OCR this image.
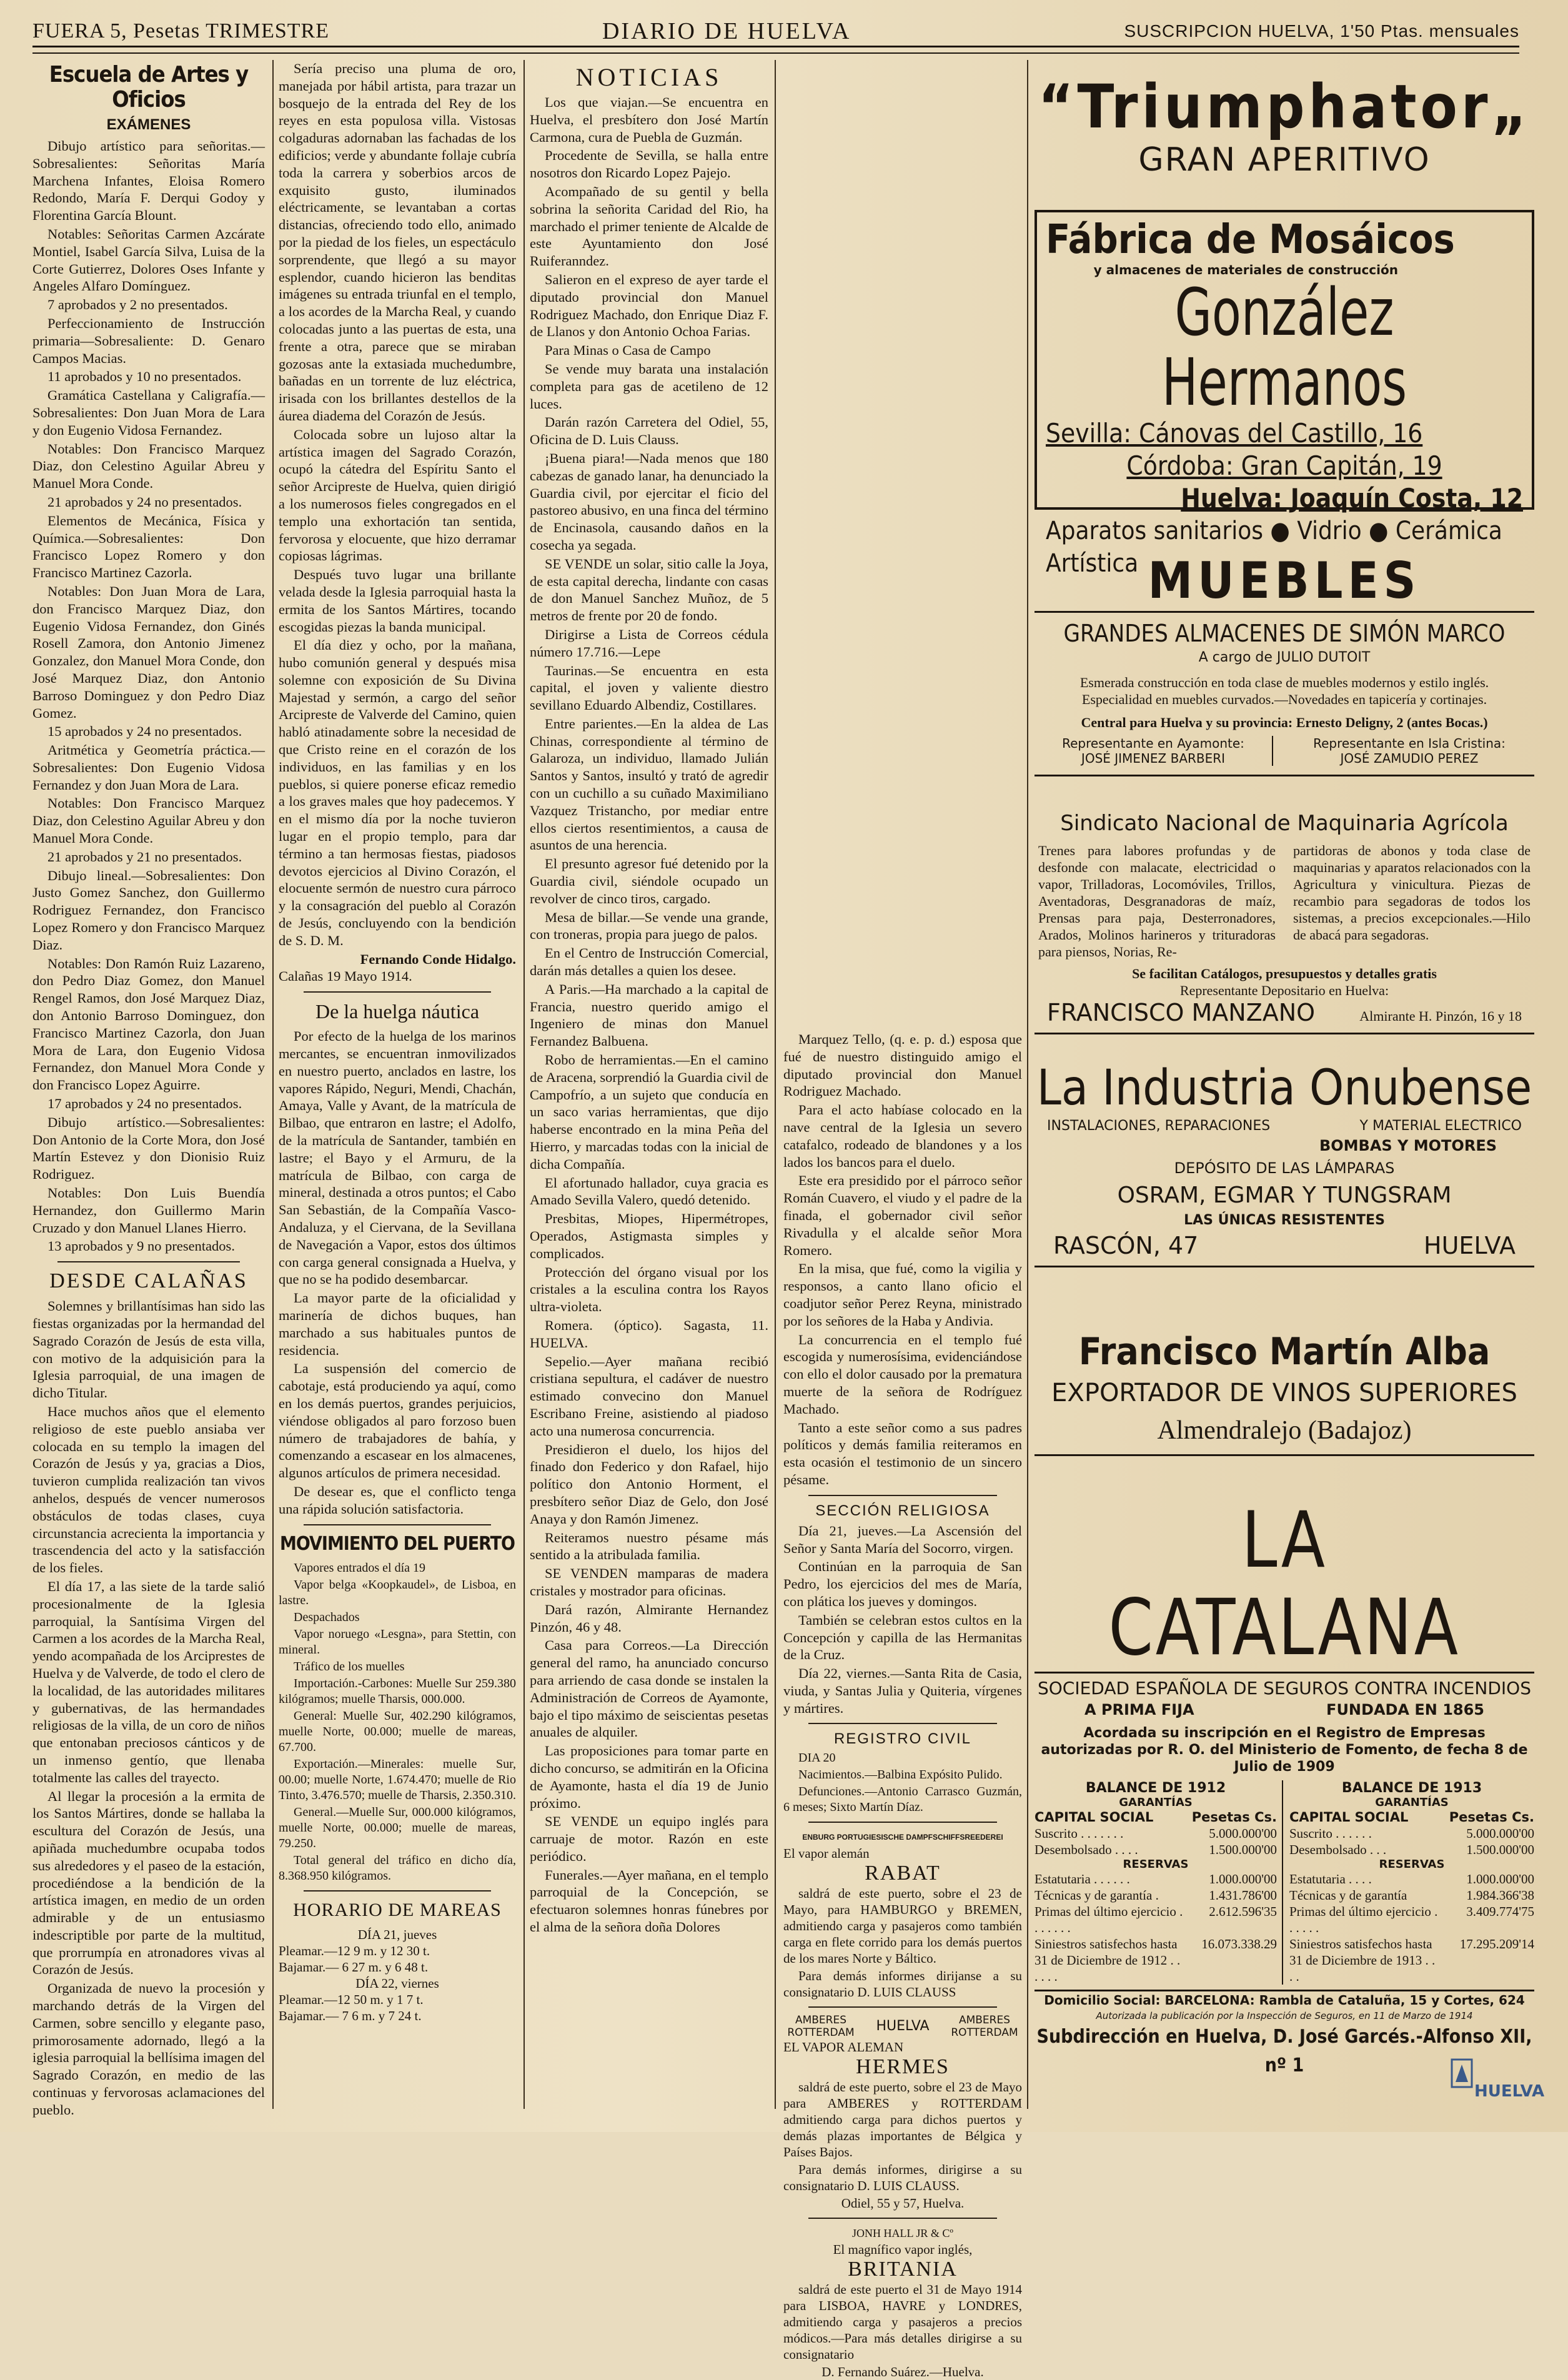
FUERA 5, Pesetas TRIMESTRE	DIARIO DE HUELVA	SUSCRIPCION HUELVA, 1'50 Ptas. mensuales
Escuela de Artes y Oficios
EXÁMENES

Dibujo artístico para señoritas.—Sobresalientes: Señoritas María Marchena Infantes, Eloisa Romero Redondo, María F. Derqui Godoy y Florentina García Blount.

Notables: Señoritas Carmen Azcárate Montiel, Isabel García Silva, Luisa de la Corte Gutierrez, Dolores Oses Infante y Angeles Alfaro Domínguez.

7 aprobados y 2 no presentados.

Perfeccionamiento de Instrucción primaria—Sobresaliente: D. Genaro Campos Macias.

11 aprobados y 10 no presentados.

Gramática Castellana y Caligrafía.—Sobresalientes: Don Juan Mora de Lara y don Eugenio Vidosa Fernandez.

Notables: Don Francisco Marquez Diaz, don Celestino Aguilar Abreu y Manuel Mora Conde.

21 aprobados y 24 no presentados.

Elementos de Mecánica, Física y Química.—Sobresalientes: Don Francisco Lopez Romero y don Francisco Martinez Cazorla.

Notables: Don Juan Mora de Lara, don Francisco Marquez Diaz, don Eugenio Vidosa Fernandez, don Ginés Rosell Zamora, don Antonio Jimenez Gonzalez, don Manuel Mora Conde, don José Marquez Diaz, don Antonio Barroso Dominguez y don Pedro Diaz Gomez.

15 aprobados y 24 no presentados.

Aritmética y Geometría práctica.—Sobresalientes: Don Eugenio Vidosa Fernandez y don Juan Mora de Lara.

Notables: Don Francisco Marquez Diaz, don Celestino Aguilar Abreu y don Manuel Mora Conde.

21 aprobados y 21 no presentados.

Dibujo lineal.—Sobresalientes: Don Justo Gomez Sanchez, don Guillermo Rodriguez Fernandez, don Francisco Lopez Romero y don Francisco Marquez Diaz.

Notables: Don Ramón Ruiz Lazareno, don Pedro Diaz Gomez, don Manuel Rengel Ramos, don José Marquez Diaz, don Antonio Barroso Dominguez, don Francisco Martinez Cazorla, don Juan Mora de Lara, don Eugenio Vidosa Fernandez, don Manuel Mora Conde y don Francisco Lopez Aguirre.

17 aprobados y 24 no presentados.

Dibujo artístico.—Sobresalientes: Don Antonio de la Corte Mora, don José Martín Estevez y don Dionisio Ruiz Rodriguez.

Notables: Don Luis Buendía Hernandez, don Guillermo Marin Cruzado y don Manuel Llanes Hierro.

13 aprobados y 9 no presentados.

DESDE CALAÑAS

Solemnes y brillantísimas han sido las fiestas organizadas por la hermandad del Sagrado Corazón de Jesús de esta villa, con motivo de la adquisición para la Iglesia parroquial, de una imagen de dicho Titular.

Hace muchos años que el elemento religioso de este pueblo ansiaba ver colocada en su templo la imagen del Corazón de Jesús y ya, gracias a Dios, tuvieron cumplida realización tan vivos anhelos, después de vencer numerosos obstáculos de todas clases, cuya circunstancia acrecienta la importancia y trascendencia del acto y la satisfacción de los fieles.

El día 17, a las siete de la tarde salió procesionalmente de la Iglesia parroquial, la Santísima Virgen del Carmen a los acordes de la Marcha Real, yendo acompañada de los Arciprestes de Huelva y de Valverde, de todo el clero de la localidad, de las autoridades militares y gubernativas, de las hermandades religiosas de la villa, de un coro de niños que entonaban preciosos cánticos y de un inmenso gentío, que llenaba totalmente las calles del trayecto.

Al llegar la procesión a la ermita de los Santos Mártires, donde se hallaba la escultura del Corazón de Jesús, una apiñada muchedumbre ocupaba todos sus alrededores y el paseo de la estación, procediéndose a la bendición de la artística imagen, en medio de un orden admirable y de un entusiasmo indescriptible por parte de la multitud, que prorrumpía en atronadores vivas al Corazón de Jesús.

Organizada de nuevo la procesión y marchando detrás de la Virgen del Carmen, sobre sencillo y elegante paso, primorosamente adornado, llegó a la iglesia parroquial la bellísima imagen del Sagrado Corazón, en medio de las continuas y fervorosas aclamaciones del pueblo.

Sería preciso una pluma de oro, manejada por hábil artista, para trazar un bosquejo de la entrada del Rey de los reyes en esta populosa villa. Vistosas colgaduras adornaban las fachadas de los edificios; verde y abundante follaje cubría toda la carrera y soberbios arcos de exquisito gusto, iluminados eléctricamente, se levantaban a cortas distancias, ofreciendo todo ello, animado por la piedad de los fieles, un espectáculo sorprendente, que llegó a su mayor esplendor, cuando hicieron las benditas imágenes su entrada triunfal en el templo, a los acordes de la Marcha Real, y cuando colocadas junto a las puertas de esta, una frente a otra, parece que se miraban gozosas ante la extasiada muchedumbre, bañadas en un torrente de luz eléctrica, irisada con los brillantes destellos de la áurea diadema del Corazón de Jesús.

Colocada sobre un lujoso altar la artística imagen del Sagrado Corazón, ocupó la cátedra del Espíritu Santo el señor Arcipreste de Huelva, quien dirigió a los numerosos fieles congregados en el templo una exhortación tan sentida, fervorosa y elocuente, que hizo derramar copiosas lágrimas.

Después tuvo lugar una brillante velada desde la Iglesia parroquial hasta la ermita de los Santos Mártires, tocando escogidas piezas la banda municipal.

El día diez y ocho, por la mañana, hubo comunión general y después misa solemne con exposición de Su Divina Majestad y sermón, a cargo del señor Arcipreste de Valverde del Camino, quien habló atinadamente sobre la necesidad de que Cristo reine en el corazón de los individuos, en las familias y en los pueblos, si quiere ponerse eficaz remedio a los graves males que hoy padecemos. Y en el mismo día por la noche tuvieron lugar en el propio templo, para dar término a tan hermosas fiestas, piadosos devotos ejercicios al Divino Corazón, el elocuente sermón de nuestro cura párroco y la consagración del pueblo al Corazón de Jesús, concluyendo con la bendición de S. D. M.

Fernando Conde Hidalgo.
Calañas 19 Mayo 1914.
De la huelga náutica

Por efecto de la huelga de los marinos mercantes, se encuentran inmovilizados en nuestro puerto, anclados en lastre, los vapores Rápido, Neguri, Mendi, Chachán, Amaya, Valle y Avant, de la matrícula de Bilbao, que entraron en lastre; el Adolfo, de la matrícula de Santander, también en lastre; el Bayo y el Armuru, de la matrícula de Bilbao, con carga de mineral, destinada a otros puntos; el Cabo San Sebastián, de la Compañía Vasco-Andaluza, y el Ciervana, de la Sevillana de Navegación a Vapor, estos dos últimos con carga general consignada a Huelva, y que no se ha podido desembarcar.

La mayor parte de la oficialidad y marinería de dichos buques, han marchado a sus habituales puntos de residencia.

La suspensión del comercio de cabotaje, está produciendo ya aquí, como en los demás puertos, grandes perjuicios, viéndose obligados al paro forzoso buen número de trabajadores de bahía, y comenzando a escasear en los almacenes, algunos artículos de primera necesidad.

De desear es, que el conflicto tenga una rápida solución satisfactoria.

MOVIMIENTO DEL PUERTO

Vapores entrados el día 19

Vapor belga «Koopkaudel», de Lisboa, en lastre.

Despachados

Vapor noruego «Lesgna», para Stettin, con mineral.

Tráfico de los muelles

Importación.-Carbones: Muelle Sur 259.380 kilógramos; muelle Tharsis, 000.000.

General: Muelle Sur, 402.290 kilógramos, muelle Norte, 00.000; muelle de mareas, 67.700.

Exportación.—Minerales: muelle Sur, 00.00; muelle Norte, 1.674.470; muelle de Rio Tinto, 3.476.570; muelle de Tharsis, 2.350.310.

General.—Muelle Sur, 000.000 kilógramos, muelle Norte, 00.000; muelle de mareas, 79.250.

Total general del tráfico en dicho día, 8.368.950 kilógramos.

HORARIO DE MAREAS
DÍA 21, jueves
Pleamar.—12 9 m. y 12 30 t.
Bajamar.— 6 27 m. y 6 48 t.
DÍA 22, viernes
Pleamar.—12 50 m. y 1 7 t.
Bajamar.— 7 6 m. y 7 24 t.
NOTICIAS

Los que viajan.—Se encuentra en Huelva, el presbítero don José Martín Carmona, cura de Puebla de Guzmán.

Procedente de Sevilla, se halla entre nosotros don Ricardo Lopez Pajejo.

Acompañado de su gentil y bella sobrina la señorita Caridad del Rio, ha marchado el primer teniente de Alcalde de este Ayuntamiento don José Ruiferanndez.

Salieron en el expreso de ayer tarde el diputado provincial don Manuel Rodriguez Machado, don Enrique Diaz F. de Llanos y don Antonio Ochoa Farias.

Para Minas o Casa de Campo

Se vende muy barata una instalación completa para gas de acetileno de 12 luces.

Darán razón Carretera del Odiel, 55, Oficina de D. Luis Clauss.

¡Buena piara!—Nada menos que 180 cabezas de ganado lanar, ha denunciado la Guardia civil, por ejercitar el ficio del pastoreo abusivo, en una finca del término de Encinasola, causando daños en la cosecha ya segada.

SE VENDE un solar, sitio calle la Joya, de esta capital derecha, lindante con casas de don Manuel Sanchez Muñoz, de 5 metros de frente por 20 de fondo.

Dirigirse a Lista de Correos cédula número 17.716.—Lepe

Taurinas.—Se encuentra en esta capital, el joven y valiente diestro sevillano Eduardo Albendiz, Costillares.

Entre parientes.—En la aldea de Las Chinas, correspondiente al término de Galaroza, un individuo, llamado Julián Santos y Santos, insultó y trató de agredir con un cuchillo a su cuñado Maximiliano Vazquez Tristancho, por mediar entre ellos ciertos resentimientos, a causa de asuntos de una herencia.

El presunto agresor fué detenido por la Guardia civil, siéndole ocupado un revolver de cinco tiros, cargado.

Mesa de billar.—Se vende una grande, con troneras, propia para juego de palos.

En el Centro de Instrucción Comercial, darán más detalles a quien los desee.

A Paris.—Ha marchado a la capital de Francia, nuestro querido amigo el Ingeniero de minas don Manuel Fernandez Balbuena.

Robo de herramientas.—En el camino de Aracena, sorprendió la Guardia civil de Campofrío, a un sujeto que conducía en un saco varias herramientas, que dijo haberse encontrado en la mina Peña del Hierro, y marcadas todas con la inicial de dicha Compañía.

El afortunado hallador, cuya gracia es Amado Sevilla Valero, quedó detenido.

Presbitas, Miopes, Hipermétropes, Operados, Astigmasta simples y complicados.

Protección del órgano visual por los cristales a la esculina contra los Rayos ultra-violeta.

Romera. (óptico). Sagasta, 11. HUELVA.

Sepelio.—Ayer mañana recibió cristiana sepultura, el cadáver de nuestro estimado convecino don Manuel Escribano Freine, asistiendo al piadoso acto una numerosa concurrencia.

Presidieron el duelo, los hijos del finado don Federico y don Rafael, hijo político don Antonio Horment, el presbítero señor Diaz de Gelo, don José Anaya y don Ramón Jimenez.

Reiteramos nuestro pésame más sentido a la atribulada familia.

SE VENDEN mamparas de madera cristales y mostrador para oficinas.

Dará razón, Almirante Hernandez Pinzón, 46 y 48.

Casa para Correos.—La Dirección general del ramo, ha anunciado concurso para arriendo de casa donde se instalen la Administración de Correos de Ayamonte, bajo el tipo máximo de seiscientas pesetas anuales de alquiler.

Las proposiciones para tomar parte en dicho concurso, se admitirán en la Oficina de Ayamonte, hasta el día 19 de Junio próximo.

SE VENDE un equipo inglés para carruaje de motor. Razón en este periódico.

Funerales.—Ayer mañana, en el templo parroquial de la Concepción, se efectuaron solemnes honras fúnebres por el alma de la señora doña Dolores

Marquez Tello, (q. e. p. d.) esposa que fué de nuestro distinguido amigo el diputado provincial don Manuel Rodriguez Machado.

Para el acto habíase colocado en la nave central de la Iglesia un severo catafalco, rodeado de blandones y a los lados los bancos para el duelo.

Este era presidido por el párroco señor Román Cuavero, el viudo y el padre de la finada, el gobernador civil señor Rivadulla y el alcalde señor Mora Romero.

En la misa, que fué, como la vigilia y responsos, a canto llano oficio el coadjutor señor Perez Reyna, ministrado por los señores de la Haba y Andivia.

La concurrencia en el templo fué escogida y numerosísima, evidenciándose con ello el dolor causado por la prematura muerte de la señora de Rodríguez Machado.

Tanto a este señor como a sus padres políticos y demás familia reiteramos en esta ocasión el testimonio de un sincero pésame.

SECCIÓN RELIGIOSA

Día 21, jueves.—La Ascensión del Señor y Santa María del Socorro, virgen.

Continúan en la parroquia de San Pedro, los ejercicios del mes de María, con plática los jueves y domingos.

También se celebran estos cultos en la Concepción y capilla de las Hermanitas de la Cruz.

Día 22, viernes.—Santa Rita de Casia, viuda, y Santas Julia y Quiteria, vírgenes y mártires.

REGISTRO CIVIL

DIA 20

Nacimientos.—Balbina Expósito Pulido.

Defunciones.—Antonio Carrasco Guzmán, 6 meses; Sixto Martín Díaz.

ENBURG PORTUGIESISCHE DAMPFSCHIFFSREEDEREI
El vapor alemán
RABAT

saldrá de este puerto, sobre el 23 de Mayo, para HAMBURGO y BREMEN, admitiendo carga y pasajeros como también carga en flete corrido para los demás puertos de los mares Norte y Báltico.

Para demás informes dirijanse a su consignatario D. LUIS CLAUSS

AMBERES ROTTERDAM HUELVA	AMBERES ROTTERDAM
EL VAPOR ALEMAN
HERMES

saldrá de este puerto, sobre el 23 de Mayo para AMBERES y ROTTERDAM admitiendo carga para dichos puertos y demás plazas importantes de Bélgica y Países Bajos.

Para demás informes, dirigirse a su consignatario D. LUIS CLAUSS.

Odiel, 55 y 57, Huelva.
JONH HALL JR & Cº
El magnífico vapor inglés,
BRITANIA

saldrá de este puerto el 31 de Mayo 1914 para LISBOA, HAVRE y LONDRES, admitiendo carga y pasajeros a precios módicos.—Para más detalles dirigirse a su consignatario

D. Fernando Suárez.—Huelva.
“Triumphator„
GRAN APERITIVO
Fábrica de Mosáicos
y almacenes de materiales de construcción
González Hermanos
Sevilla: Cánovas del Castillo, 16
Córdoba: Gran Capitán, 19
Huelva: Joaquín Costa, 12
Aparatos sanitarios ● Vidrio ● Cerámica Artística MUEBLES
GRANDES ALMACENES DE SIMÓN MARCO
A cargo de JULIO DUTOIT
Esmerada construcción en toda clase de muebles modernos y estilo inglés. Especialidad en muebles curvados.—Novedades en tapicería y cortinajes.
Central para Huelva y su provincia: Ernesto Deligny, 2 (antes Bocas.)
Representante en Ayamonte:
JOSÉ JIMENEZ BARBERI
Representante en Isla Cristina:
JOSÉ ZAMUDIO PEREZ
Sindicato Nacional de Maquinaria Agrícola
Trenes para labores profundas y de desfonde con malacate, electricidad o vapor, Trilladoras, Locomóviles, Trillos, Aventadoras, Desgranadoras de maíz, Prensas para paja, Desterronadores, Arados, Molinos harineros y trituradoras para piensos, Norias, Re-
partidoras de abonos y toda clase de maquinarias y aparatos relacionados con la Agricultura y vinicultura. Piezas de recambio para segadoras de todos los sistemas, a precios excepcionales.—Hilo de abacá para segadoras.
Se facilitan Catálogos, presupuestos y detalles gratis
Representante Depositario en Huelva:
FRANCISCO MANZANO	Almirante H. Pinzón, 16 y 18
La Industria Onubense
INSTALACIONES, REPARACIONES	Y MATERIAL ELECTRICO
BOMBAS Y MOTORES
DEPÓSITO DE LAS LÁMPARAS
OSRAM, EGMAR Y TUNGSRAM
LAS ÚNICAS RESISTENTES
RASCÓN, 47	HUELVA
Francisco Martín Alba
EXPORTADOR DE VINOS SUPERIORES
Almendralejo (Badajoz)
LA CATALANA
SOCIEDAD ESPAÑOLA DE SEGUROS CONTRA INCENDIOS
A PRIMA FIJA	FUNDADA EN 1865
Acordada su inscripción en el Registro de Empresas autorizadas por R. O. del Ministerio de Fomento, de fecha 8 de Julio de 1909
BALANCE DE 1912
GARANTÍAS
CAPITAL SOCIAL	Pesetas Cs.
Suscrito . . . . . . .	5.000.000'00
Desembolsado . . . .	1.500.000'00
RESERVAS
Estatutaria . . . . . .	1.000.000'00
Técnicas y de garantía .	1.431.786'00
Primas del último ejercicio . . . . . . .
2.612.596'35
Siniestros satisfechos hasta 31 de Diciembre de 1912 . . . . . .
16.073.338.29
BALANCE DE 1913
GARANTÍAS
CAPITAL SOCIAL	Pesetas Cs.
Suscrito . . . . . .	5.000.000'00
Desembolsado . . .	1.500.000'00
RESERVAS
Estatutaria . . . .	1.000.000'00
Técnicas y de garantía	1.984.366'38
Primas del último ejercicio . . . . . .
3.409.774'75
Siniestros satisfechos hasta 31 de Diciembre de 1913 . . . .
17.295.209'14
Domicilio Social: BARCELONA: Rambla de Cataluña, 15 y Cortes, 624
Autorizada la publicación por la Inspección de Seguros, en 11 de Marzo de 1914
Subdirección en Huelva, D. José Garcés.-Alfonso XII, nº 1
HUELVA
